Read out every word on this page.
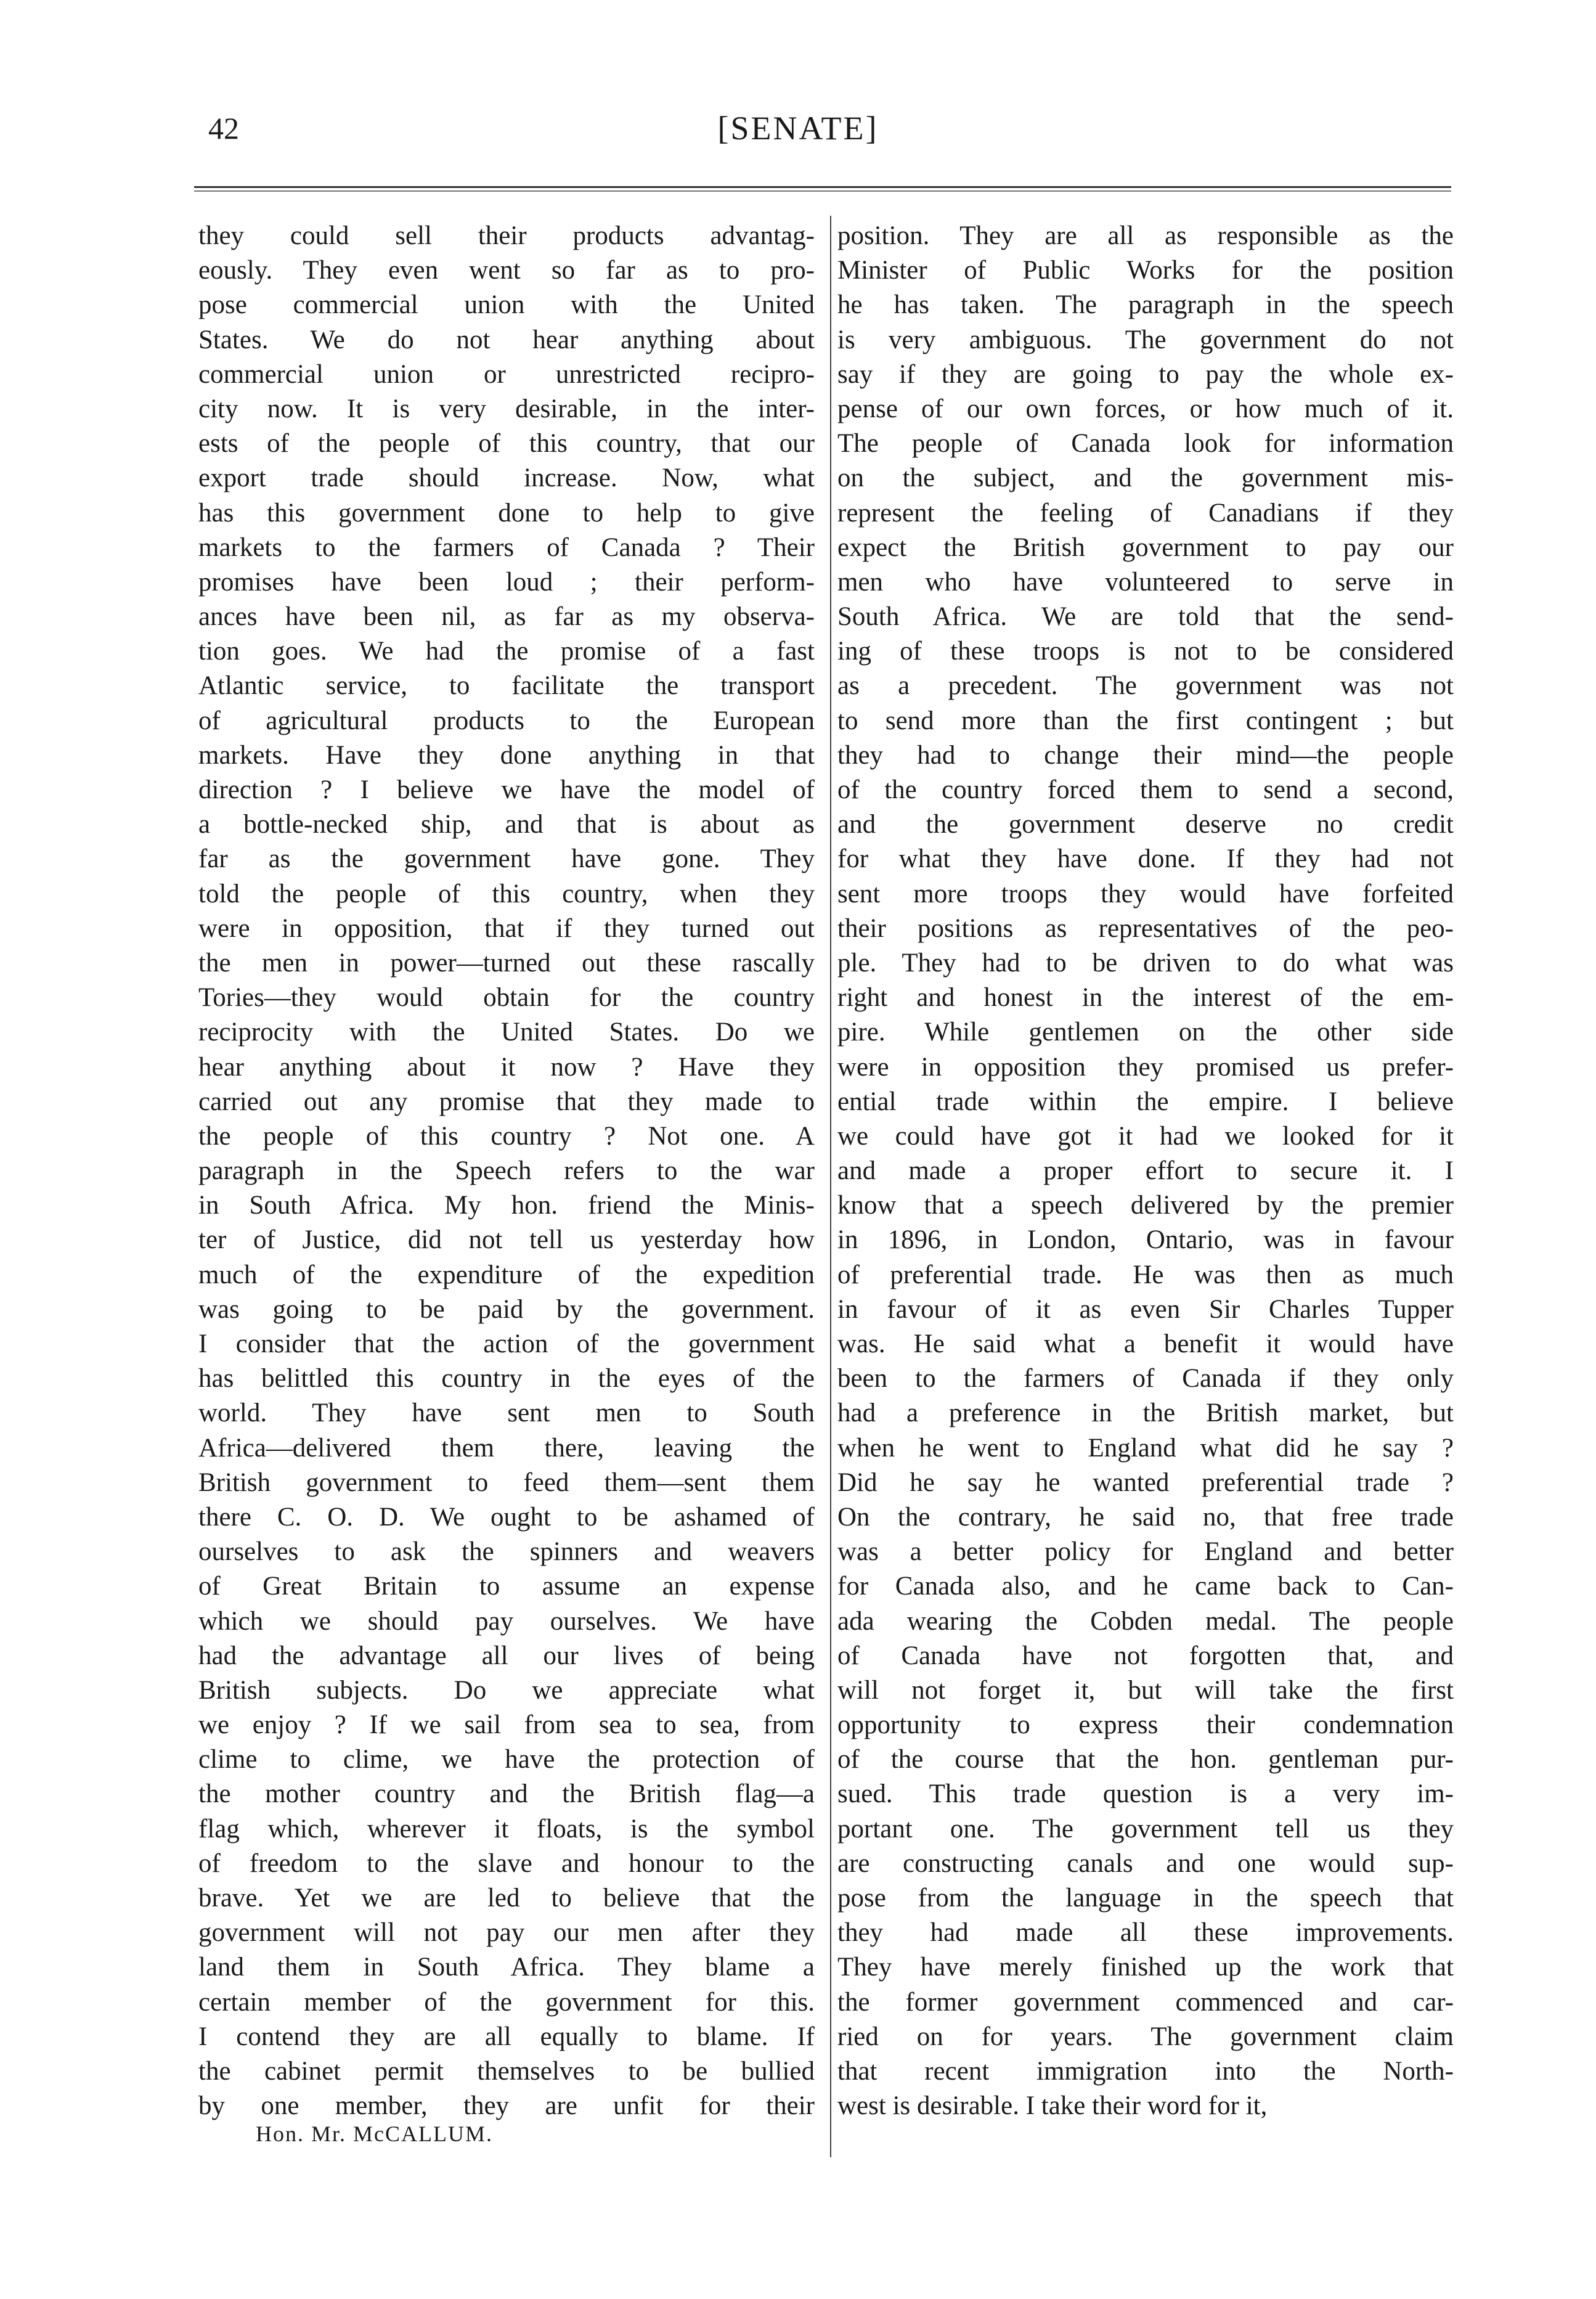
42	[SENATE]
they could sell their products advantag-
eously. They even went so far as to pro-
pose commercial union with the United
States. We do not hear anything about
commercial union or unrestricted recipro-
city now. It is very desirable, in the inter-
ests of the people of this country, that our
export trade should increase. Now, what
has this government done to help to give
markets to the farmers of Canada ? Their
promises have been loud ; their perform-
ances have been nil, as far as my observa-
tion goes. We had the promise of a fast
Atlantic service, to facilitate the transport
of agricultural products to the European
markets. Have they done anything in that
direction ? I believe we have the model of
a bottle-necked ship, and that is about as
far as the government have gone. They
told the people of this country, when they
were in opposition, that if they turned out
the men in power—turned out these rascally
Tories—they would obtain for the country
reciprocity with the United States. Do we
hear anything about it now ? Have they
carried out any promise that they made to
the people of this country ? Not one. A
paragraph in the Speech refers to the war
in South Africa. My hon. friend the Minis-
ter of Justice, did not tell us yesterday how
much of the expenditure of the expedition
was going to be paid by the government.
I consider that the action of the government
has belittled this country in the eyes of the
world. They have sent men to South
Africa—delivered them there, leaving the
British government to feed them—sent them
there C. O. D. We ought to be ashamed of
ourselves to ask the spinners and weavers
of Great Britain to assume an expense
which we should pay ourselves. We have
had the advantage all our lives of being
British subjects. Do we appreciate what
we enjoy ? If we sail from sea to sea, from
clime to clime, we have the protection of
the mother country and the British flag—a
flag which, wherever it floats, is the symbol
of freedom to the slave and honour to the
brave. Yet we are led to believe that the
government will not pay our men after they
land them in South Africa. They blame a
certain member of the government for this.
I contend they are all equally to blame. If
the cabinet permit themselves to be bullied
by one member, they are unfit for their
position. They are all as responsible as the
Minister of Public Works for the position
he has taken. The paragraph in the speech
is very ambiguous. The government do not
say if they are going to pay the whole ex-
pense of our own forces, or how much of it.
The people of Canada look for information
on the subject, and the government mis-
represent the feeling of Canadians if they
expect the British government to pay our
men who have volunteered to serve in
South Africa. We are told that the send-
ing of these troops is not to be considered
as a precedent. The government was not
to send more than the first contingent ; but
they had to change their mind—the people
of the country forced them to send a second,
and the government deserve no credit
for what they have done. If they had not
sent more troops they would have forfeited
their positions as representatives of the peo-
ple. They had to be driven to do what was
right and honest in the interest of the em-
pire. While gentlemen on the other side
were in opposition they promised us prefer-
ential trade within the empire. I believe
we could have got it had we looked for it
and made a proper effort to secure it. I
know that a speech delivered by the premier
in 1896, in London, Ontario, was in favour
of preferential trade. He was then as much
in favour of it as even Sir Charles Tupper
was. He said what a benefit it would have
been to the farmers of Canada if they only
had a preference in the British market, but
when he went to England what did he say ?
Did he say he wanted preferential trade ?
On the contrary, he said no, that free trade
was a better policy for England and better
for Canada also, and he came back to Can-
ada wearing the Cobden medal. The people
of Canada have not forgotten that, and
will not forget it, but will take the first
opportunity to express their condemnation
of the course that the hon. gentleman pur-
sued. This trade question is a very im-
portant one. The government tell us they
are constructing canals and one would sup-
pose from the language in the speech that
they had made all these improvements.
They have merely finished up the work that
the former government commenced and car-
ried on for years. The government claim
that recent immigration into the North-
west is desirable. I take their word for it,
Hon. Mr. McCALLUM.
